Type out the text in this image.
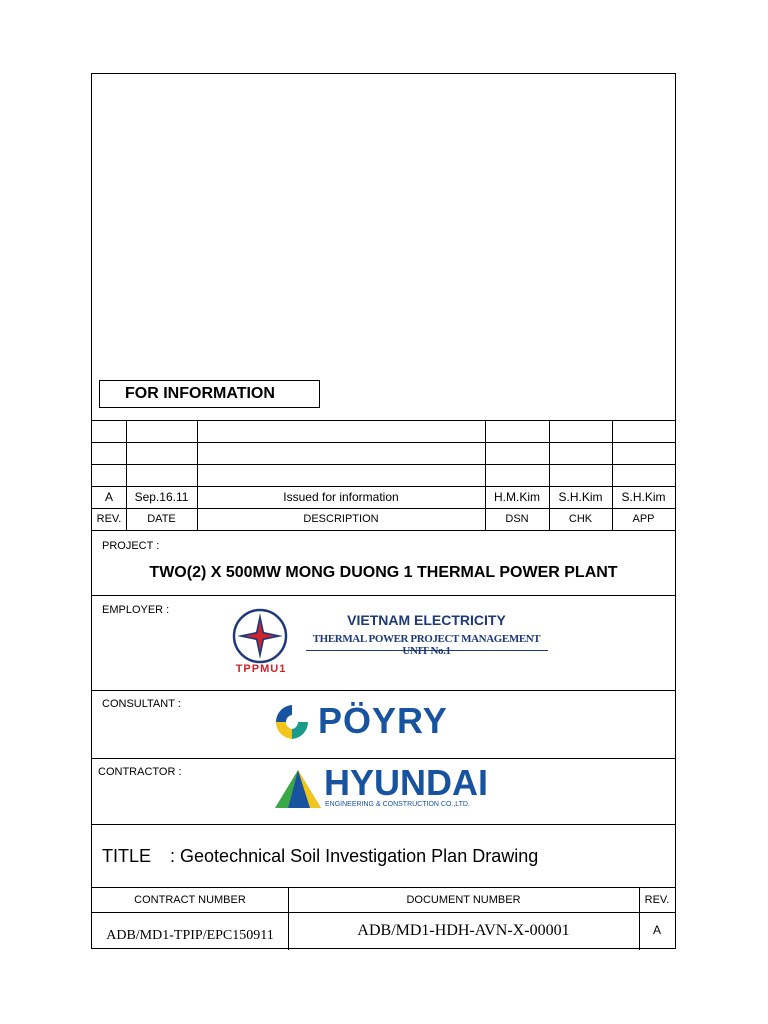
FOR INFORMATION
A	Sep.16.11	Issued for information	H.M.Kim	S.H.Kim	S.H.Kim
REV.	DATE	DESCRIPTION	DSN	CHK	APP
PROJECT :
TWO(2) X 500MW MONG DUONG 1 THERMAL POWER PLANT
EMPLOYER :
TPPMU1
VIETNAM ELECTRICITY
THERMAL POWER PROJECT MANAGEMENT UNIT No.1
CONSULTANT :	PÖYRY
CONTRACTOR :	HYUNDAI
ENGINEERING & CONSTRUCTION CO.,LTD.
TITLE : Geotechnical Soil Investigation Plan Drawing
CONTRACT NUMBER	DOCUMENT NUMBER	REV.
ADB/MD1-TPIP/EPC150911	ADB/MD1-HDH-AVN-X-00001	A
